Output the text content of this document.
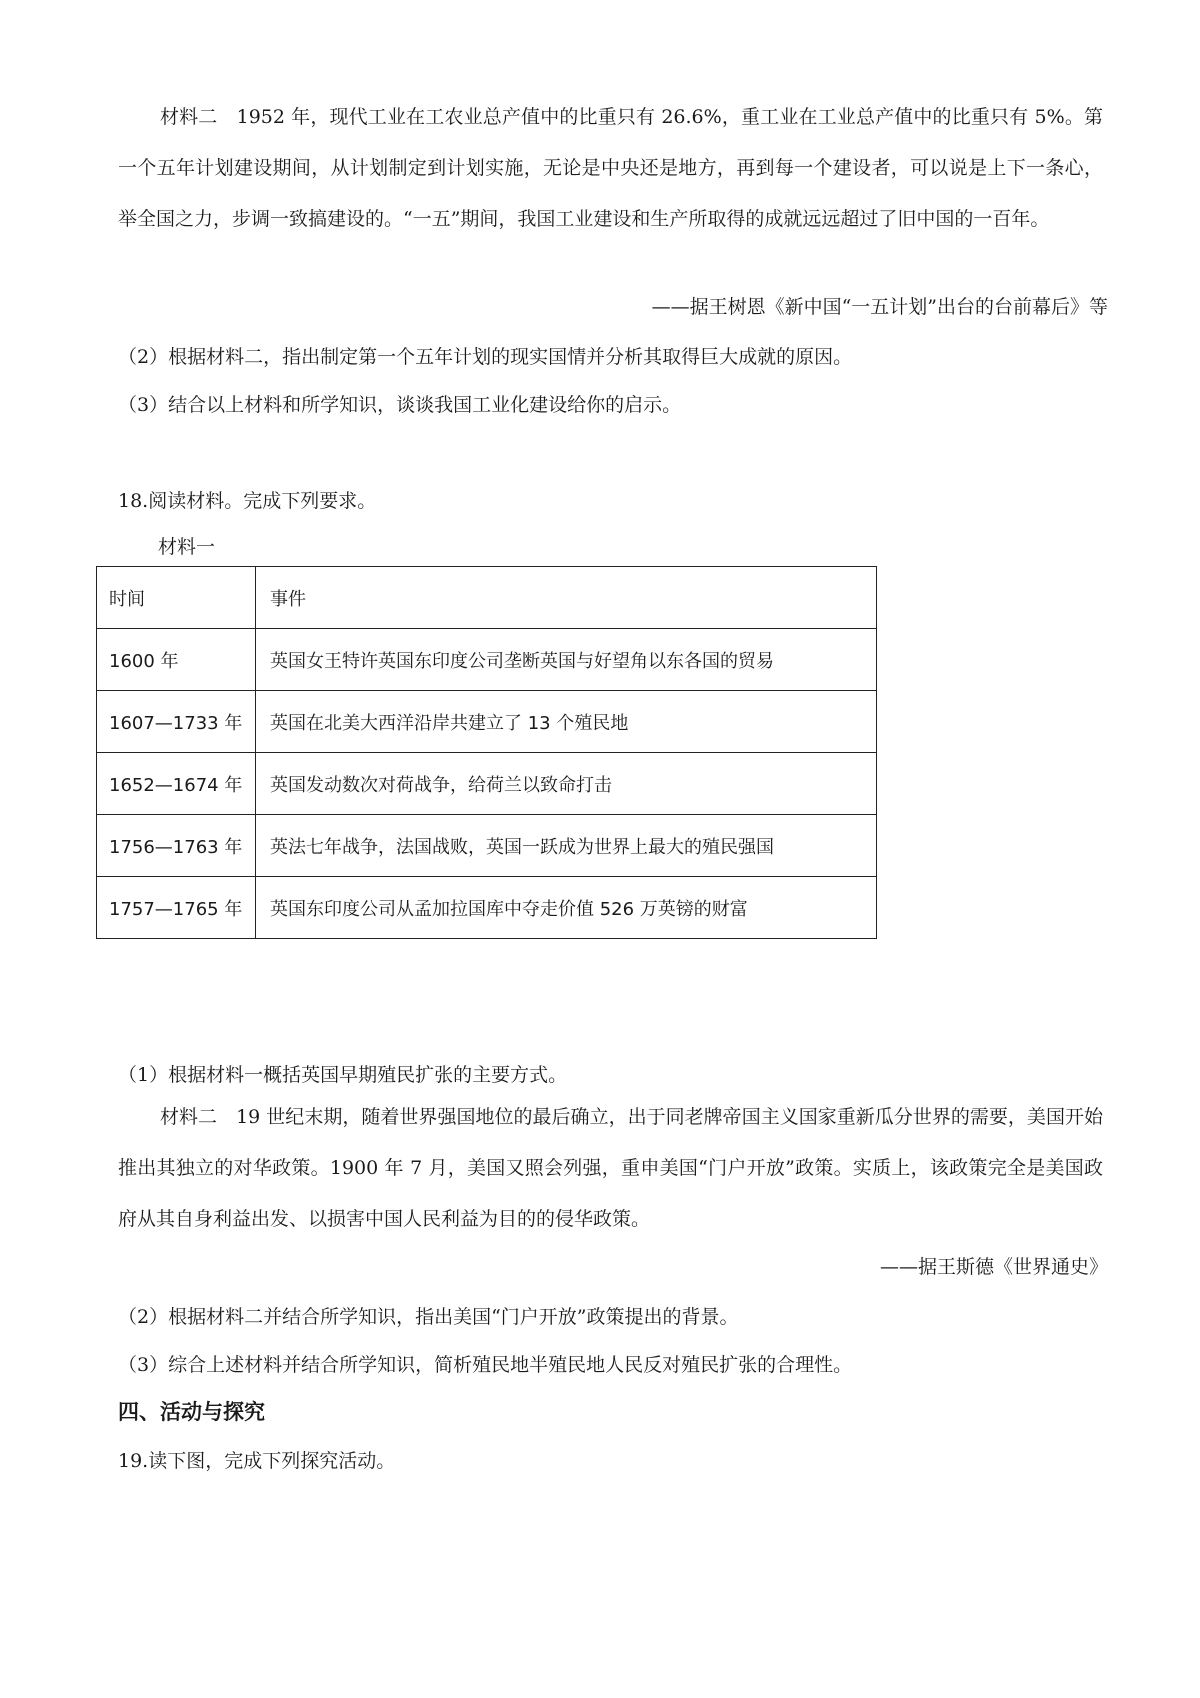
材料二　1952 年，现代工业在工农业总产值中的比重只有 26.6%，重工业在工业总产值中的比重只有 5%。第一个五年计划建设期间，从计划制定到计划实施，无论是中央还是地方，再到每一个建设者，可以说是上下一条心，举全国之力，步调一致搞建设的。“一五”期间，我国工业建设和生产所取得的成就远远超过了旧中国的一百年。

——据王树恩《新中国“一五计划”出台的台前幕后》等
（2）根据材料二，指出制定第一个五年计划的现实国情并分析其取得巨大成就的原因。
（3）结合以上材料和所学知识，谈谈我国工业化建设给你的启示。
18.阅读材料。完成下列要求。
材料一
时间	事件
1600 年	英国女王特许英国东印度公司垄断英国与好望角以东各国的贸易
1607—1733 年	英国在北美大西洋沿岸共建立了 13 个殖民地
1652—1674 年	英国发动数次对荷战争，给荷兰以致命打击
1756—1763 年	英法七年战争，法国战败，英国一跃成为世界上最大的殖民强国
1757—1765 年	英国东印度公司从孟加拉国库中夺走价值 526 万英镑的财富
（1）根据材料一概括英国早期殖民扩张的主要方式。

材料二　19 世纪末期，随着世界强国地位的最后确立，出于同老牌帝国主义国家重新瓜分世界的需要，美国开始推出其独立的对华政策。1900 年 7 月，美国又照会列强，重申美国“门户开放”政策。实质上，该政策完全是美国政府从其自身利益出发、以损害中国人民利益为目的的侵华政策。

——据王斯德《世界通史》
（2）根据材料二并结合所学知识，指出美国“门户开放”政策提出的背景。
（3）综合上述材料并结合所学知识，简析殖民地半殖民地人民反对殖民扩张的合理性。
四、活动与探究
19.读下图，完成下列探究活动。
